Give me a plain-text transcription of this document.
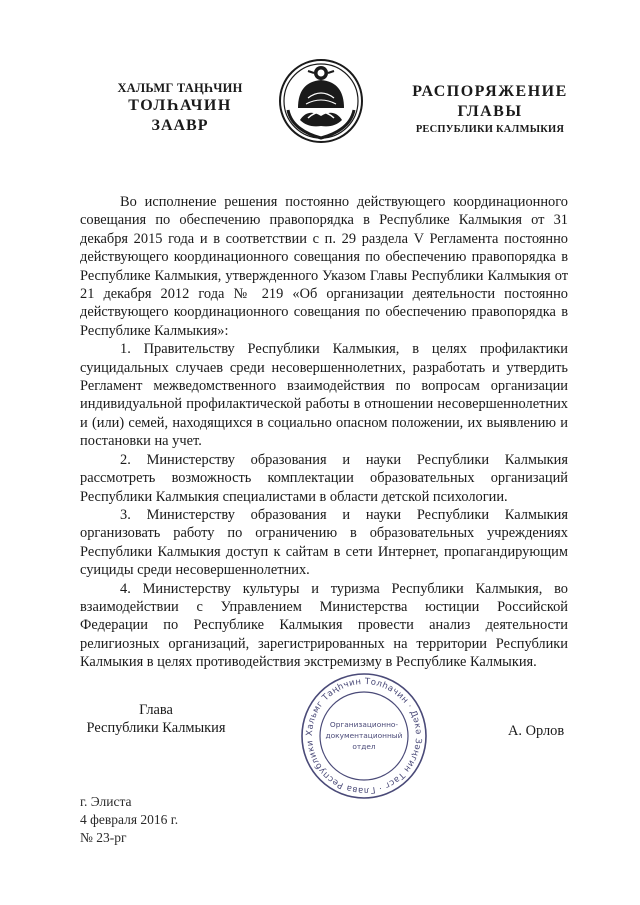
ХАЛЬМГ ТАҢҺЧИН
ТОЛҺАЧИН
ЗААВР
РАСПОРЯЖЕНИЕ
ГЛАВЫ
РЕСПУБЛИКИ КАЛМЫКИЯ

Во исполнение решения постоянно действующего координационного совещания по обеспечению правопорядка в Республике Калмыкия от 31 декабря 2015 года и в соответствии с п. 29 раздела V Регламента постоянно действующего координационного совещания по обеспечению правопорядка в Республике Калмыкия, утвержденного Указом Главы Республики Калмыкия от 21 декабря 2012 года № 219 «Об организации деятельности постоянно действующего координационного совещания по обеспечению правопорядка в Республике Калмыкия»:

1. Правительству Республики Калмыкия, в целях профилактики суицидальных случаев среди несовершеннолетних, разработать и утвердить Регламент межведомственного взаимодействия по вопросам организации индивидуальной профилактической работы в отношении несовершеннолетних и (или) семей, находящихся в социально опасном положении, их выявлению и постановки на учет.

2. Министерству образования и науки Республики Калмыкия рассмотреть возможность комплектации образовательных организаций Республики Калмыкия специалистами в области детской психологии.

3. Министерству образования и науки Республики Калмыкия организовать работу по ограничению в образовательных учреждениях Республики Калмыкия доступ к сайтам в сети Интернет, пропагандирующим суициды среди несовершеннолетних.

4. Министерству культуры и туризма Республики Калмыкия, во взаимодействии с Управлением Министерства юстиции Российской Федерации по Республике Калмыкия провести анализ деятельности религиозных организаций, зарегистрированных на территории Республики Калмыкия в целях противодействия экстремизму в Республике Калмыкия.

Глава
Республики Калмыкия	Хальмг Таңһчин Толһачин · Дәкә Зәңгин Тасг · Глава Республики
Организационно-
документационный
отдел
А. Орлов
г. Элиста
4 февраля 2016 г.
№ 23-рг
